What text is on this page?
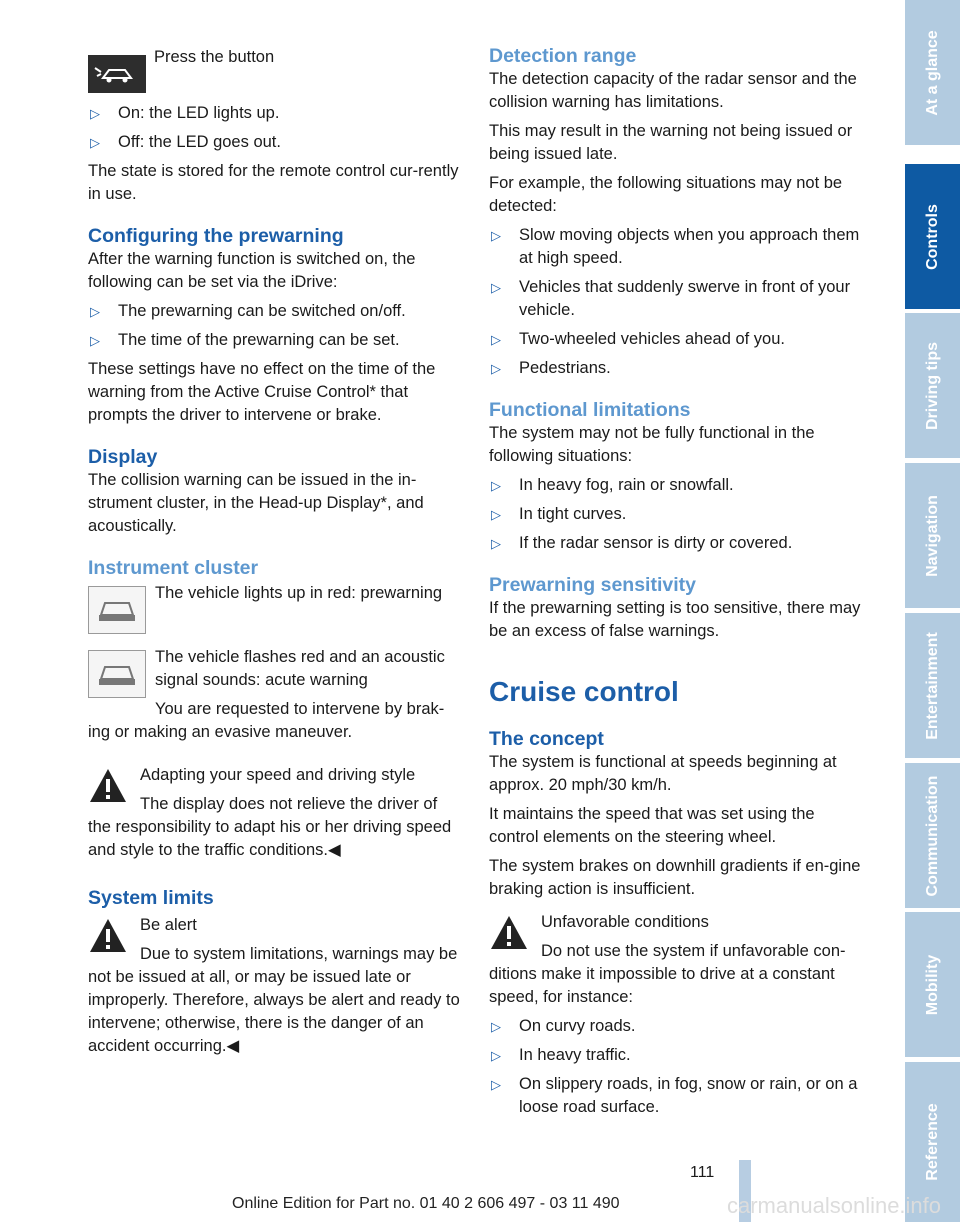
Press the button

▷ On: the LED lights up.
▷ Off: the LED goes out.

The state is stored for the remote control cur-rently in use.

Configuring the prewarning

After the warning function is switched on, the following can be set via the iDrive:

▷ The prewarning can be switched on/off.
▷ The time of the prewarning can be set.

These settings have no effect on the time of the warning from the Active Cruise Control* that prompts the driver to intervene or brake.

Display

The collision warning can be issued in the in-strument cluster, in the Head-up Display*, and acoustically.

Instrument cluster

The vehicle lights up in red: prewarning

The vehicle flashes red and an acoustic signal sounds: acute warning

You are requested to intervene by brak-ing or making an evasive maneuver.

Adapting your speed and driving style

The display does not relieve the driver of the responsibility to adapt his or her driving speed and style to the traffic conditions.◀

System limits

Be alert

Due to system limitations, warnings may be not be issued at all, or may be issued late or improperly. Therefore, always be alert and ready to intervene; otherwise, there is the danger of an accident occurring.◀

Detection range

The detection capacity of the radar sensor and the collision warning has limitations.

This may result in the warning not being issued or being issued late.

For example, the following situations may not be detected:

▷ Slow moving objects when you approach them at high speed.
▷ Vehicles that suddenly swerve in front of your vehicle.
▷ Two-wheeled vehicles ahead of you.
▷ Pedestrians.
Functional limitations

The system may not be fully functional in the following situations:

▷ In heavy fog, rain or snowfall.
▷ In tight curves.
▷ If the radar sensor is dirty or covered.
Prewarning sensitivity

If the prewarning setting is too sensitive, there may be an excess of false warnings.

Cruise control
The concept

The system is functional at speeds beginning at approx. 20 mph/30 km/h.

It maintains the speed that was set using the control elements on the steering wheel.

The system brakes on downhill gradients if en-gine braking action is insufficient.

Unfavorable conditions

Do not use the system if unfavorable con-ditions make it impossible to drive at a constant speed, for instance:

▷ On curvy roads.
▷ In heavy traffic.
▷ On slippery roads, in fog, snow or rain, or on a loose road surface.
At a glance
Controls
Driving tips
Navigation
Entertainment
Communication
Mobility
Reference
111
Online Edition for Part no. 01 40 2 606 497 - 03 11 490	carmanualsonline.info
